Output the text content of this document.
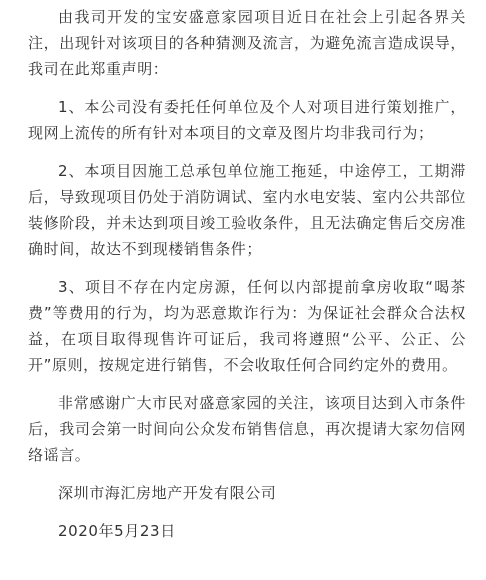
由我司开发的宝安盛意家园项目近日在社会上引起各界关注，出现针对该项目的各种猜测及流言，为避免流言造成误导，我司在此郑重声明：

1、本公司没有委托任何单位及个人对项目进行策划推广，现网上流传的所有针对本项目的文章及图片均非我司行为；

2、本项目因施工总承包单位施工拖延，中途停工，工期滞后，导致现项目仍处于消防调试、室内水电安装、室内公共部位装修阶段，并未达到项目竣工验收条件，且无法确定售后交房准确时间，故达不到现楼销售条件；

3、项目不存在内定房源，任何以内部提前拿房收取“喝茶费”等费用的行为，均为恶意欺诈行为：为保证社会群众合法权益，在项目取得现售许可证后，我司将遵照“公平、公正、公开”原则，按规定进行销售，不会收取任何合同约定外的费用。

非常感谢广大市民对盛意家园的关注，该项目达到入市条件后，我司会第一时间向公众发布销售信息，再次提请大家勿信网络谣言。

深圳市海汇房地产开发有限公司

2020年5月23日
